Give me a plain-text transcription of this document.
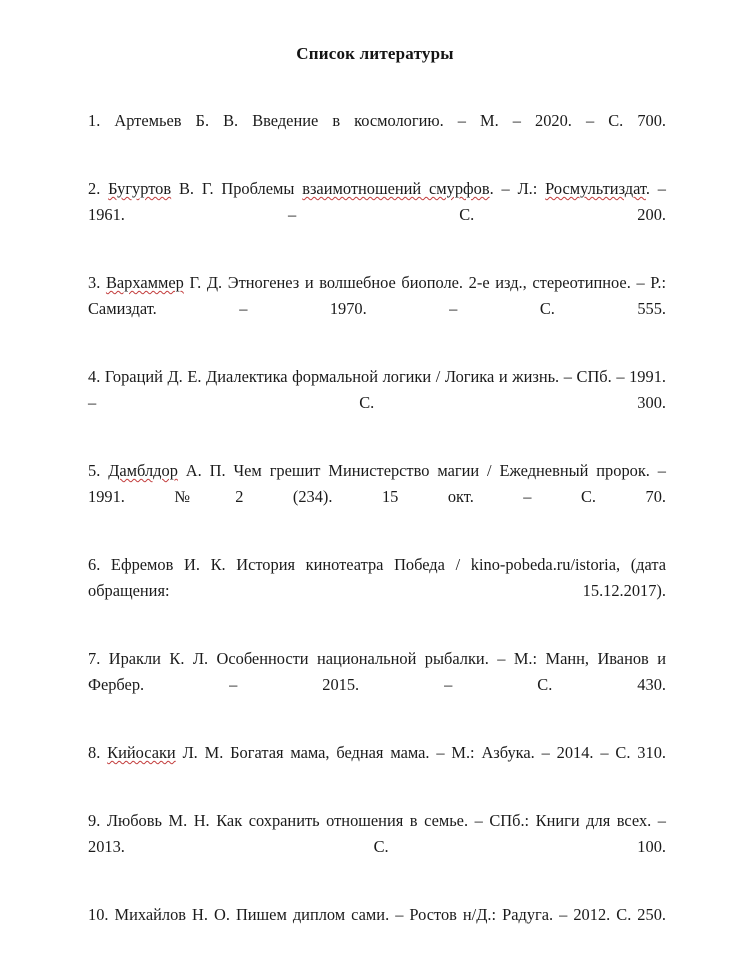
Список литературы
1. Артемьев Б. В. Введение в космологию. – М. – 2020. – С. 700.
2. Бугуртов В. Г. Проблемы взаимотношений смурфов. – Л.: Росмультиздат. – 1961. – С. 200.
3. Вархаммер Г. Д. Этногенез и волшебное биополе. 2-е изд., стереотипное. – Р.: Самиздат. – 1970. – С. 555.
4. Гораций Д. Е. Диалектика формальной логики / Логика и жизнь. – СПб. – 1991. – С. 300.
5. Дамблдор А. П. Чем грешит Министерство магии / Ежедневный пророк. – 1991. №2 (234). 15 окт. – С. 70.
6. Ефремов И. К. История кинотеатра Победа / kino-pobeda.ru/istoria, (дата обращения: 15.12.2017).
7. Иракли К. Л. Особенности национальной рыбалки. – М.: Манн, Иванов и Фербер. – 2015. – С. 430.
8. Кийосаки Л. М. Богатая мама, бедная мама. – М.: Азбука. – 2014. – С. 310.
9. Любовь М. Н. Как сохранить отношения в семье. – СПб.: Книги для всех. – 2013. С. 100.
10. Михайлов Н. О. Пишем диплом сами. – Ростов н/Д.: Радуга. – 2012. С. 250.
